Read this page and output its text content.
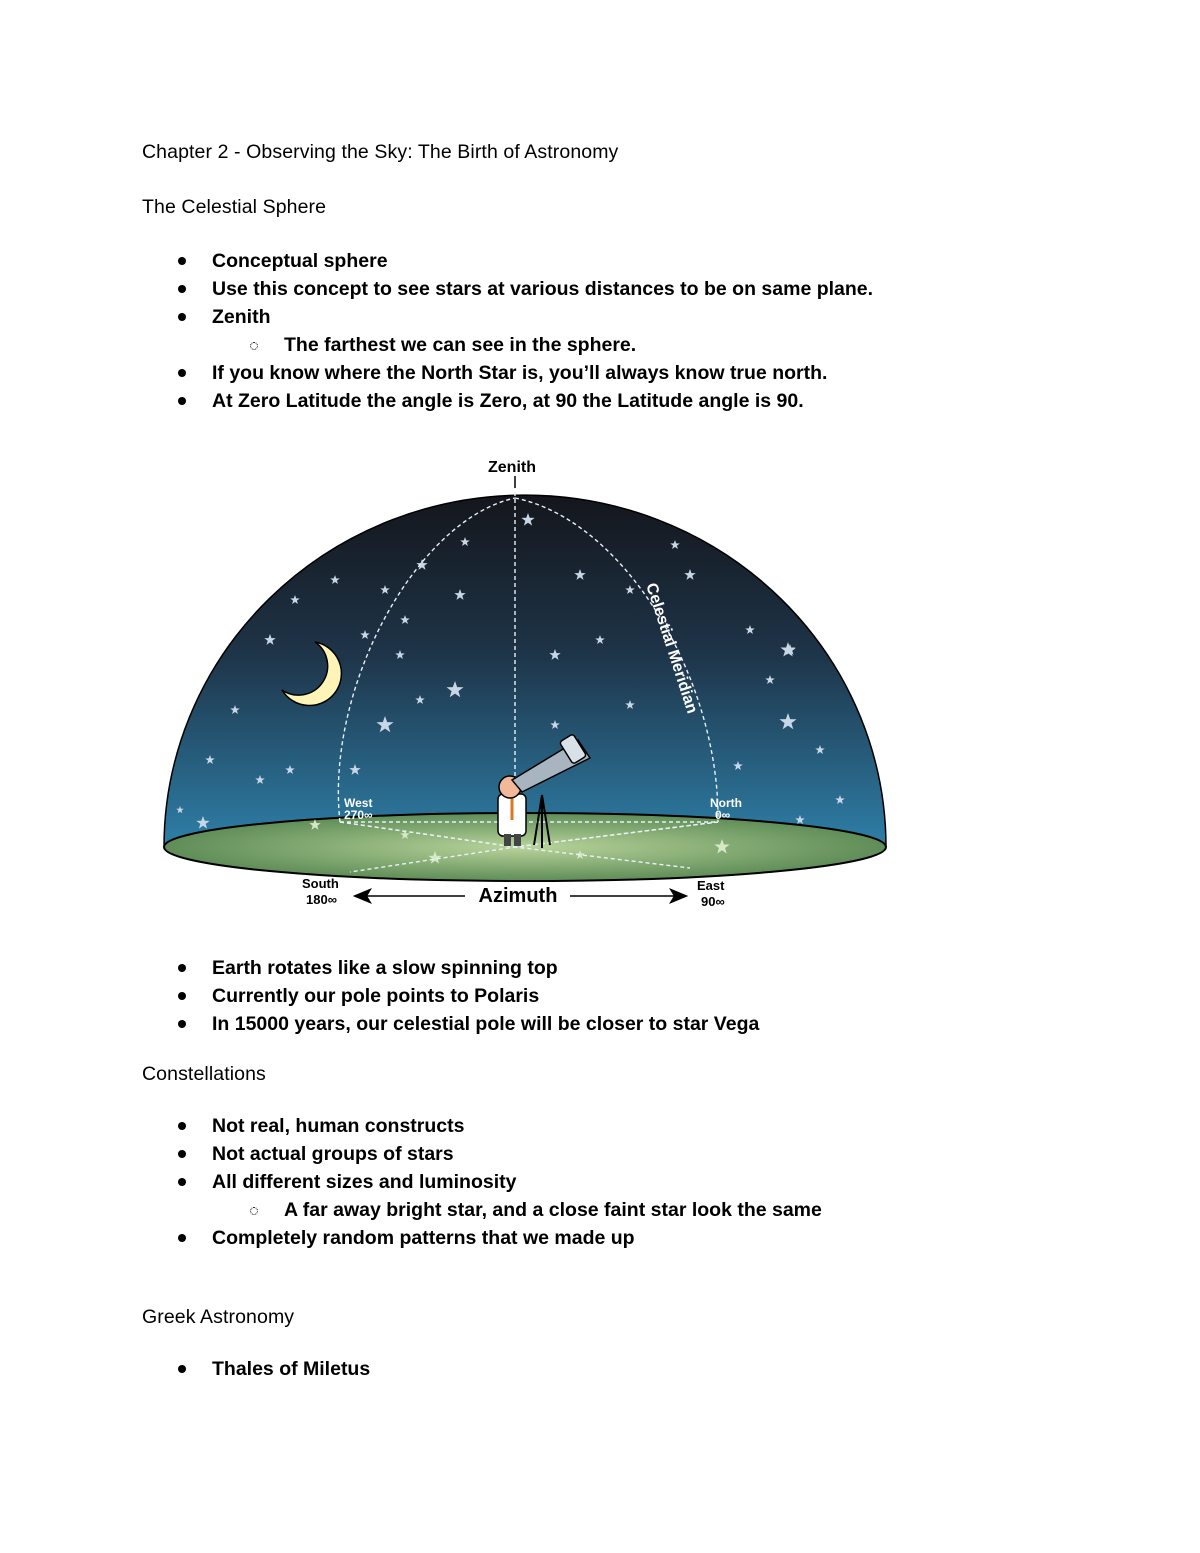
Chapter 2 - Observing the Sky: The Birth of Astronomy
The Celestial Sphere
Conceptual sphere
Use this concept to see stars at various distances to be on same plane.
Zenith
The farthest we can see in the sphere.
If you know where the North Star is, you’ll always know true north.
At Zero Latitude the angle is Zero, at 90 the Latitude angle is 90.
Zenith
Celestial Meridian
West
270∞
North
0∞
South
180∞
East
90∞
Azimuth
Earth rotates like a slow spinning top
Currently our pole points to Polaris
In 15000 years, our celestial pole will be closer to star Vega
Constellations
Not real, human constructs
Not actual groups of stars
All different sizes and luminosity
A far away bright star, and a close faint star look the same
Completely random patterns that we made up
Greek Astronomy
Thales of Miletus
